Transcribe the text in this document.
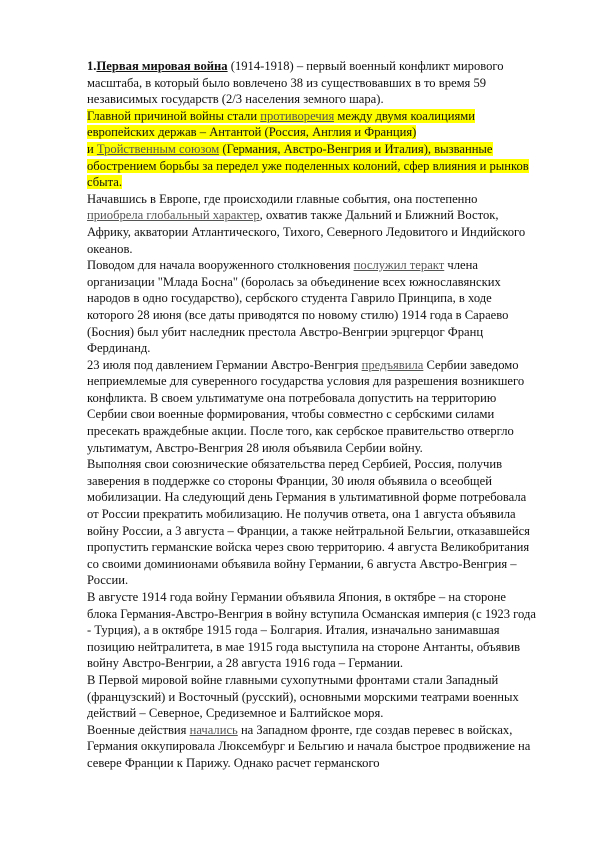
1.Первая мировая война (1914-1918) – первый военный конфликт мирового масштаба, в который было вовлечено 38 из существовавших в то время 59 независимых государств (2/3 населения земного шара).

Главной причиной войны стали противоречия между двумя коалициями европейских держав – Антантой (Россия, Англия и Франция)

и Тройственным союзом (Германия, Австро-Венгрия и Италия), вызванные обострением борьбы за передел уже поделенных колоний, сфер влияния и рынков сбыта.

Начавшись в Европе, где происходили главные события, она постепенно приобрела глобальный характер, охватив также Дальний и Ближний Восток, Африку, акватории Атлантического, Тихого, Северного Ледовитого и Индийского океанов.

Поводом для начала вооруженного столкновения послужил теракт члена организации "Млада Босна" (боролась за объединение всех южнославянских народов в одно государство), сербского студента Гаврило Принципа, в ходе которого 28 июня (все даты приводятся по новому стилю) 1914 года в Сараево (Босния) был убит наследник престола Австро-Венгрии эрцгерцог Франц Фердинанд.

23 июля под давлением Германии Австро-Венгрия предъявила Сербии заведомо неприемлемые для суверенного государства условия для разрешения возникшего конфликта. В своем ультиматуме она потребовала допустить на территорию Сербии свои военные формирования, чтобы совместно с сербскими силами пресекать враждебные акции. После того, как сербское правительство отвергло ультиматум, Австро-Венгрия 28 июля объявила Сербии войну.

Выполняя свои союзнические обязательства перед Сербией, Россия, получив заверения в поддержке со стороны Франции, 30 июля объявила о всеобщей мобилизации. На следующий день Германия в ультимативной форме потребовала от России прекратить мобилизацию. Не получив ответа, она 1 августа объявила войну России, а 3 августа – Франции, а также нейтральной Бельгии, отказавшейся пропустить германские войска через свою территорию. 4 августа Великобритания со своими доминионами объявила войну Германии, 6 августа Австро-Венгрия – России.

В августе 1914 года войну Германии объявила Япония, в октябре – на стороне блока Германия-Австро-Венгрия в войну вступила Османская империя (с 1923 года - Турция), а в октябре 1915 года – Болгария. Италия, изначально занимавшая позицию нейтралитета, в мае 1915 года выступила на стороне Антанты, объявив войну Австро-Венгрии, а 28 августа 1916 года – Германии.

В Первой мировой войне главными сухопутными фронтами стали Западный (французский) и Восточный (русский), основными морскими театрами военных действий – Северное, Средиземное и Балтийское моря.

Военные действия начались на Западном фронте, где создав перевес в войсках, Германия оккупировала Люксембург и Бельгию и начала быстрое продвижение на севере Франции к Парижу. Однако расчет германского
